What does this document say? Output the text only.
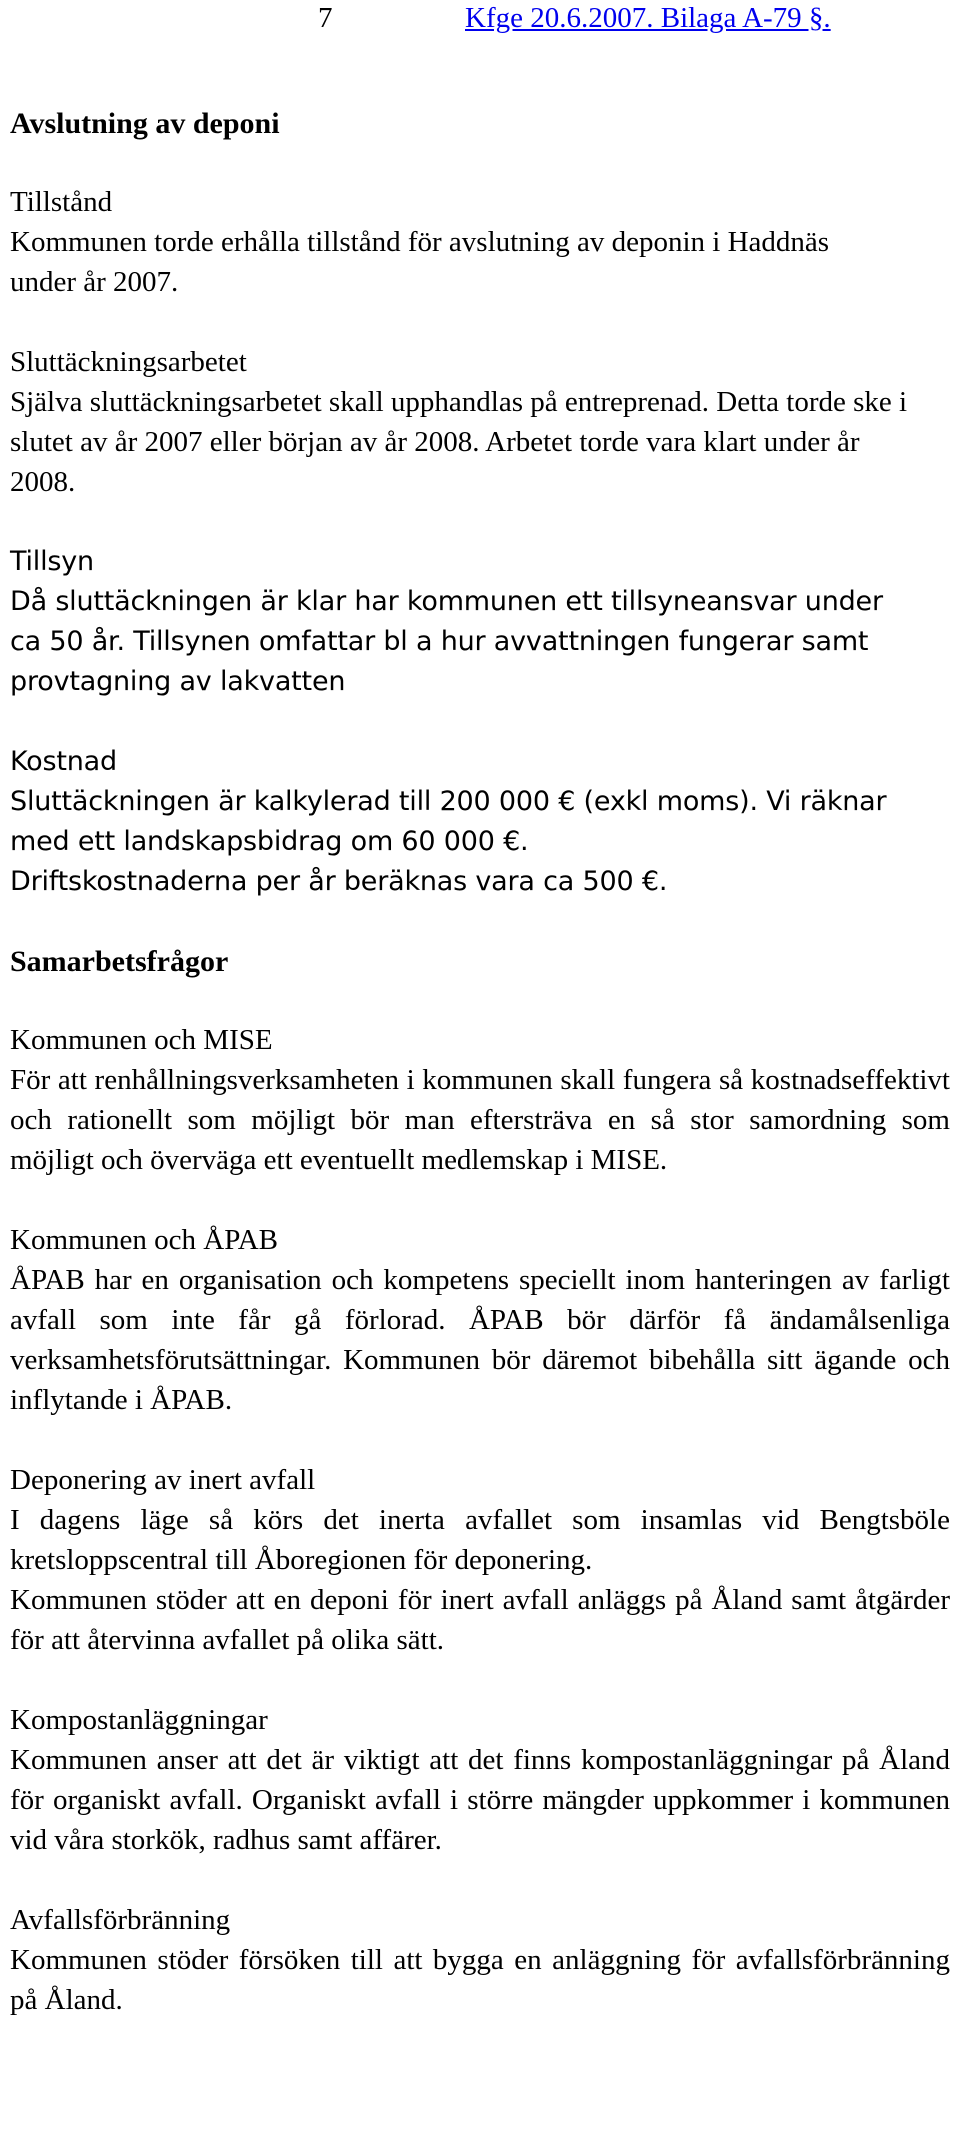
7	Kfge 20.6.2007. Bilaga A-79 §.
Avslutning av deponi
Tillstånd
Kommunen torde erhålla tillstånd för avslutning av deponin i Haddnäs under år 2007.
Sluttäckningsarbetet
Själva sluttäckningsarbetet skall upphandlas på entreprenad. Detta torde ske i slutet av år 2007 eller början av år 2008. Arbetet torde vara klart under år 2008.
Tillsyn
Då sluttäckningen är klar har kommunen ett tillsyneansvar under ca 50 år. Tillsynen omfattar bl a hur avvattningen fungerar samt provtagning av lakvatten
Kostnad
Sluttäckningen är kalkylerad till 200 000 € (exkl moms). Vi räknar med ett landskapsbidrag om 60 000 €.
Driftskostnaderna per år beräknas vara ca 500 €.
Samarbetsfrågor
Kommunen och MISE
För att renhållningsverksamheten i kommunen skall fungera så kostnadseffektivt och rationellt som möjligt bör man eftersträva en så stor samordning som möjligt och överväga ett eventuellt medlemskap i MISE.
Kommunen och ÅPAB
ÅPAB har en organisation och kompetens speciellt inom hanteringen av farligt avfall som inte får gå förlorad. ÅPAB bör därför få ändamålsenliga verksamhetsförutsättningar. Kommunen bör däremot bibehålla sitt ägande och inflytande i ÅPAB.
Deponering av inert avfall
I dagens läge så körs det inerta avfallet som insamlas vid Bengtsböle kretsloppscentral till Åboregionen för deponering.
Kommunen stöder att en deponi för inert avfall anläggs på Åland samt åtgärder för att återvinna avfallet på olika sätt.
Kompostanläggningar
Kommunen anser att det är viktigt att det finns kompostanläggningar på Åland för organiskt avfall. Organiskt avfall i större mängder uppkommer i kommunen vid våra storkök, radhus samt affärer.
Avfallsförbränning
Kommunen stöder försöken till att bygga en anläggning för avfallsförbränning på Åland.
